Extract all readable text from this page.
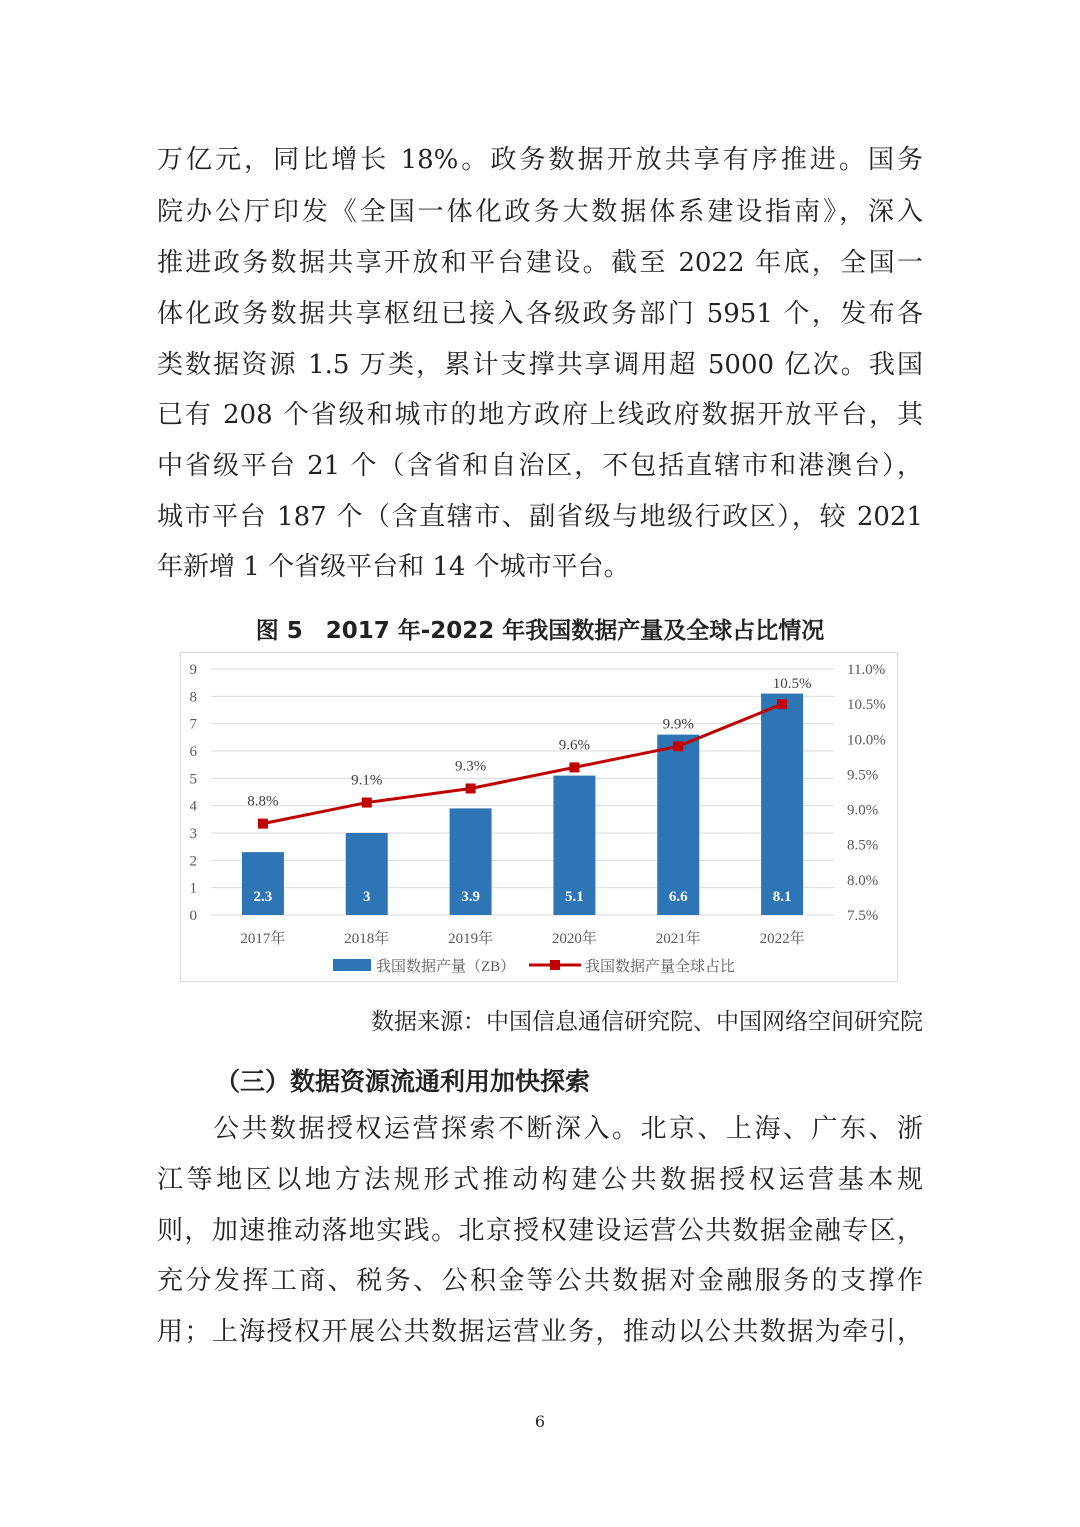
万亿元，同比增长 18%。政务数据开放共享有序推进。国务
院办公厅印发《全国一体化政务大数据体系建设指南》，深入
推进政务数据共享开放和平台建设。截至 2022 年底，全国一
体化政务数据共享枢纽已接入各级政务部门 5951 个，发布各
类数据资源 1.5 万类，累计支撑共享调用超 5000 亿次。我国
已有 208 个省级和城市的地方政府上线政府数据开放平台，其
中省级平台 21 个（含省和自治区，不包括直辖市和港澳台），
城市平台 187 个（含直辖市、副省级与地级行政区），较 2021
年新增 1 个省级平台和 14 个城市平台。
图 5　2017 年-2022 年我国数据产量及全球占比情况
0
1
2
3
4
5
6
7
8
9
7.5%
8.0%
8.5%
9.0%
9.5%
10.0%
10.5%
11.0%
2.3
2017年
3
2018年
3.9
2019年
5.1
2020年
6.6
2021年
8.1
2022年
8.8%
9.1%
9.3%
9.6%
9.9%
10.5%
我国数据产量（ZB）	我国数据产量全球占比
数据来源：中国信息通信研究院、中国网络空间研究院
（三）数据资源流通利用加快探索
公共数据授权运营探索不断深入。北京、上海、广东、浙
江等地区以地方法规形式推动构建公共数据授权运营基本规
则，加速推动落地实践。北京授权建设运营公共数据金融专区，
充分发挥工商、税务、公积金等公共数据对金融服务的支撑作
用；上海授权开展公共数据运营业务，推动以公共数据为牵引，
6
